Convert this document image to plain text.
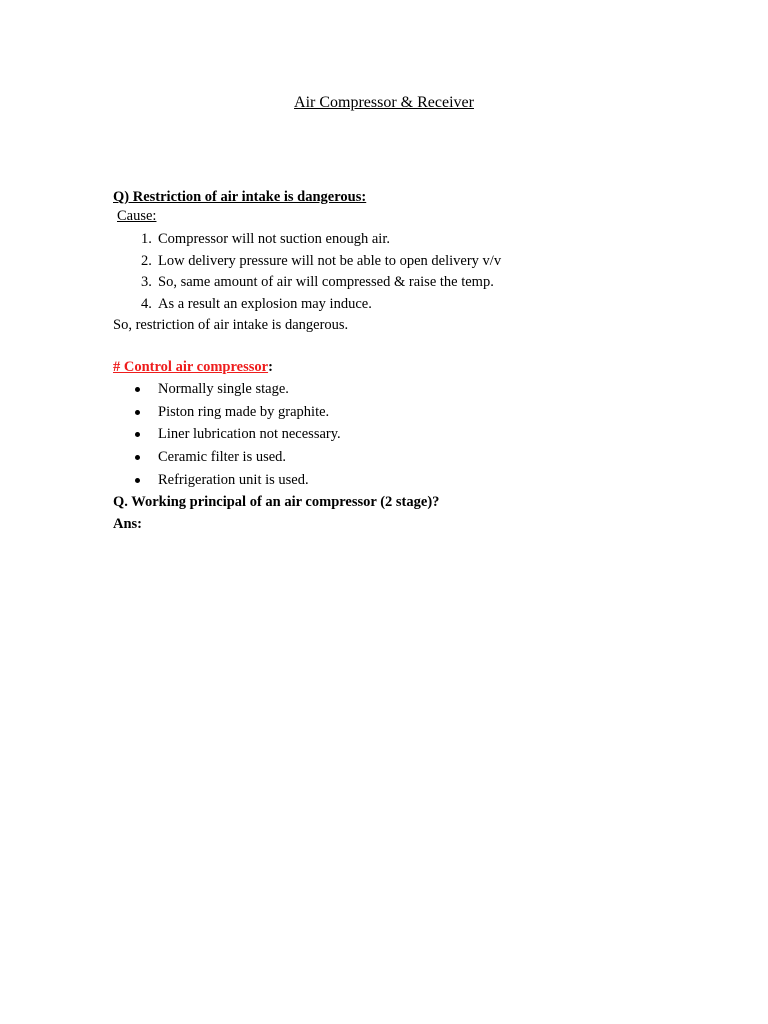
Air Compressor & Receiver
Q) Restriction of air intake is dangerous:
Cause:
1. Compressor will not suction enough air.
2. Low delivery pressure will not be able to open delivery v/v
3. So, same amount of air will compressed & raise the temp.
4. As a result an explosion may induce.
So, restriction of air intake is dangerous.
# Control air compressor:
Normally single stage.
Piston ring made by graphite.
Liner lubrication not necessary.
Ceramic filter is used.
Refrigeration unit is used.
Q. Working principal of an air compressor (2 stage)?
Ans:
